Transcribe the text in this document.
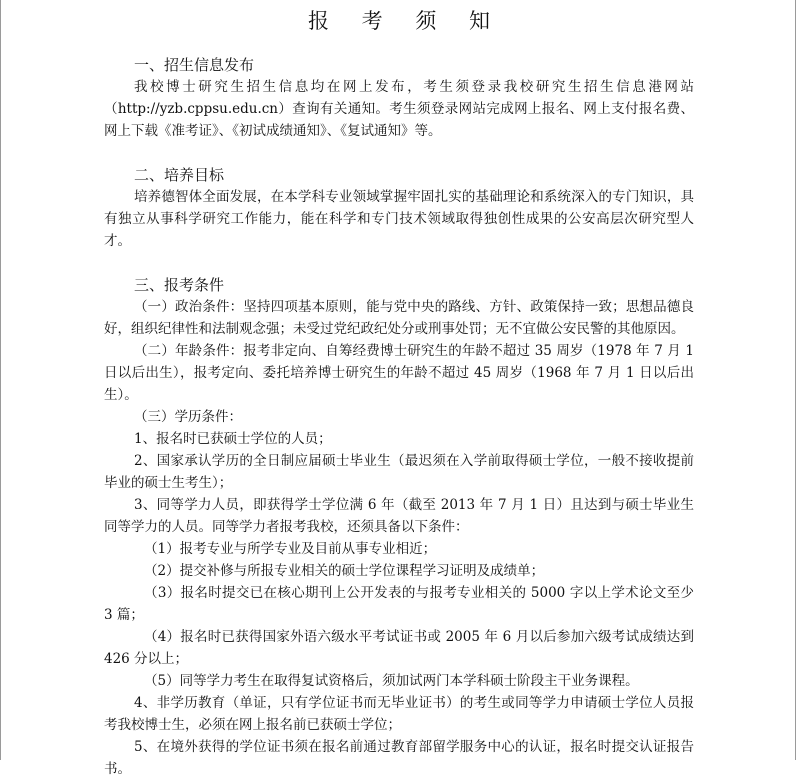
报 考 须 知

一、招生信息发布

我校博士研究生招生信息均在网上发布，考生须登录我校研究生招生信息港网站（http://yzb.cppsu.edu.cn）查询有关通知。考生须登录网站完成网上报名、网上支付报名费、网上下载《准考证》、《初试成绩通知》、《复试通知》等。

二、培养目标

培养德智体全面发展，在本学科专业领域掌握牢固扎实的基础理论和系统深入的专门知识，具有独立从事科学研究工作能力，能在科学和专门技术领域取得独创性成果的公安高层次研究型人才。

三、报考条件

（一）政治条件：坚持四项基本原则，能与党中央的路线、方针、政策保持一致；思想品德良好，组织纪律性和法制观念强；未受过党纪政纪处分或刑事处罚；无不宜做公安民警的其他原因。

（二）年龄条件：报考非定向、自筹经费博士研究生的年龄不超过 35 周岁（1978 年 7 月 1 日以后出生），报考定向、委托培养博士研究生的年龄不超过 45 周岁（1968 年 7 月 1 日以后出生）。

（三）学历条件：

1、报名时已获硕士学位的人员；

2、国家承认学历的全日制应届硕士毕业生（最迟须在入学前取得硕士学位，一般不接收提前毕业的硕士生考生）；

3、同等学力人员，即获得学士学位满 6 年（截至 2013 年 7 月 1 日）且达到与硕士毕业生同等学力的人员。同等学力者报考我校，还须具备以下条件：

（1）报考专业与所学专业及目前从事专业相近；

（2）提交补修与所报专业相关的硕士学位课程学习证明及成绩单；

（3）报名时提交已在核心期刊上公开发表的与报考专业相关的 5000 字以上学术论文至少 3 篇；

（4）报名时已获得国家外语六级水平考试证书或 2005 年 6 月以后参加六级考试成绩达到 426 分以上；

（5）同等学力考生在取得复试资格后，须加试两门本学科硕士阶段主干业务课程。

4、非学历教育（单证，只有学位证书而无毕业证书）的考生或同等学力申请硕士学位人员报考我校博士生，必须在网上报名前已获硕士学位；

5、在境外获得的学位证书须在报名前通过教育部留学服务中心的认证，报名时提交认证报告书。
